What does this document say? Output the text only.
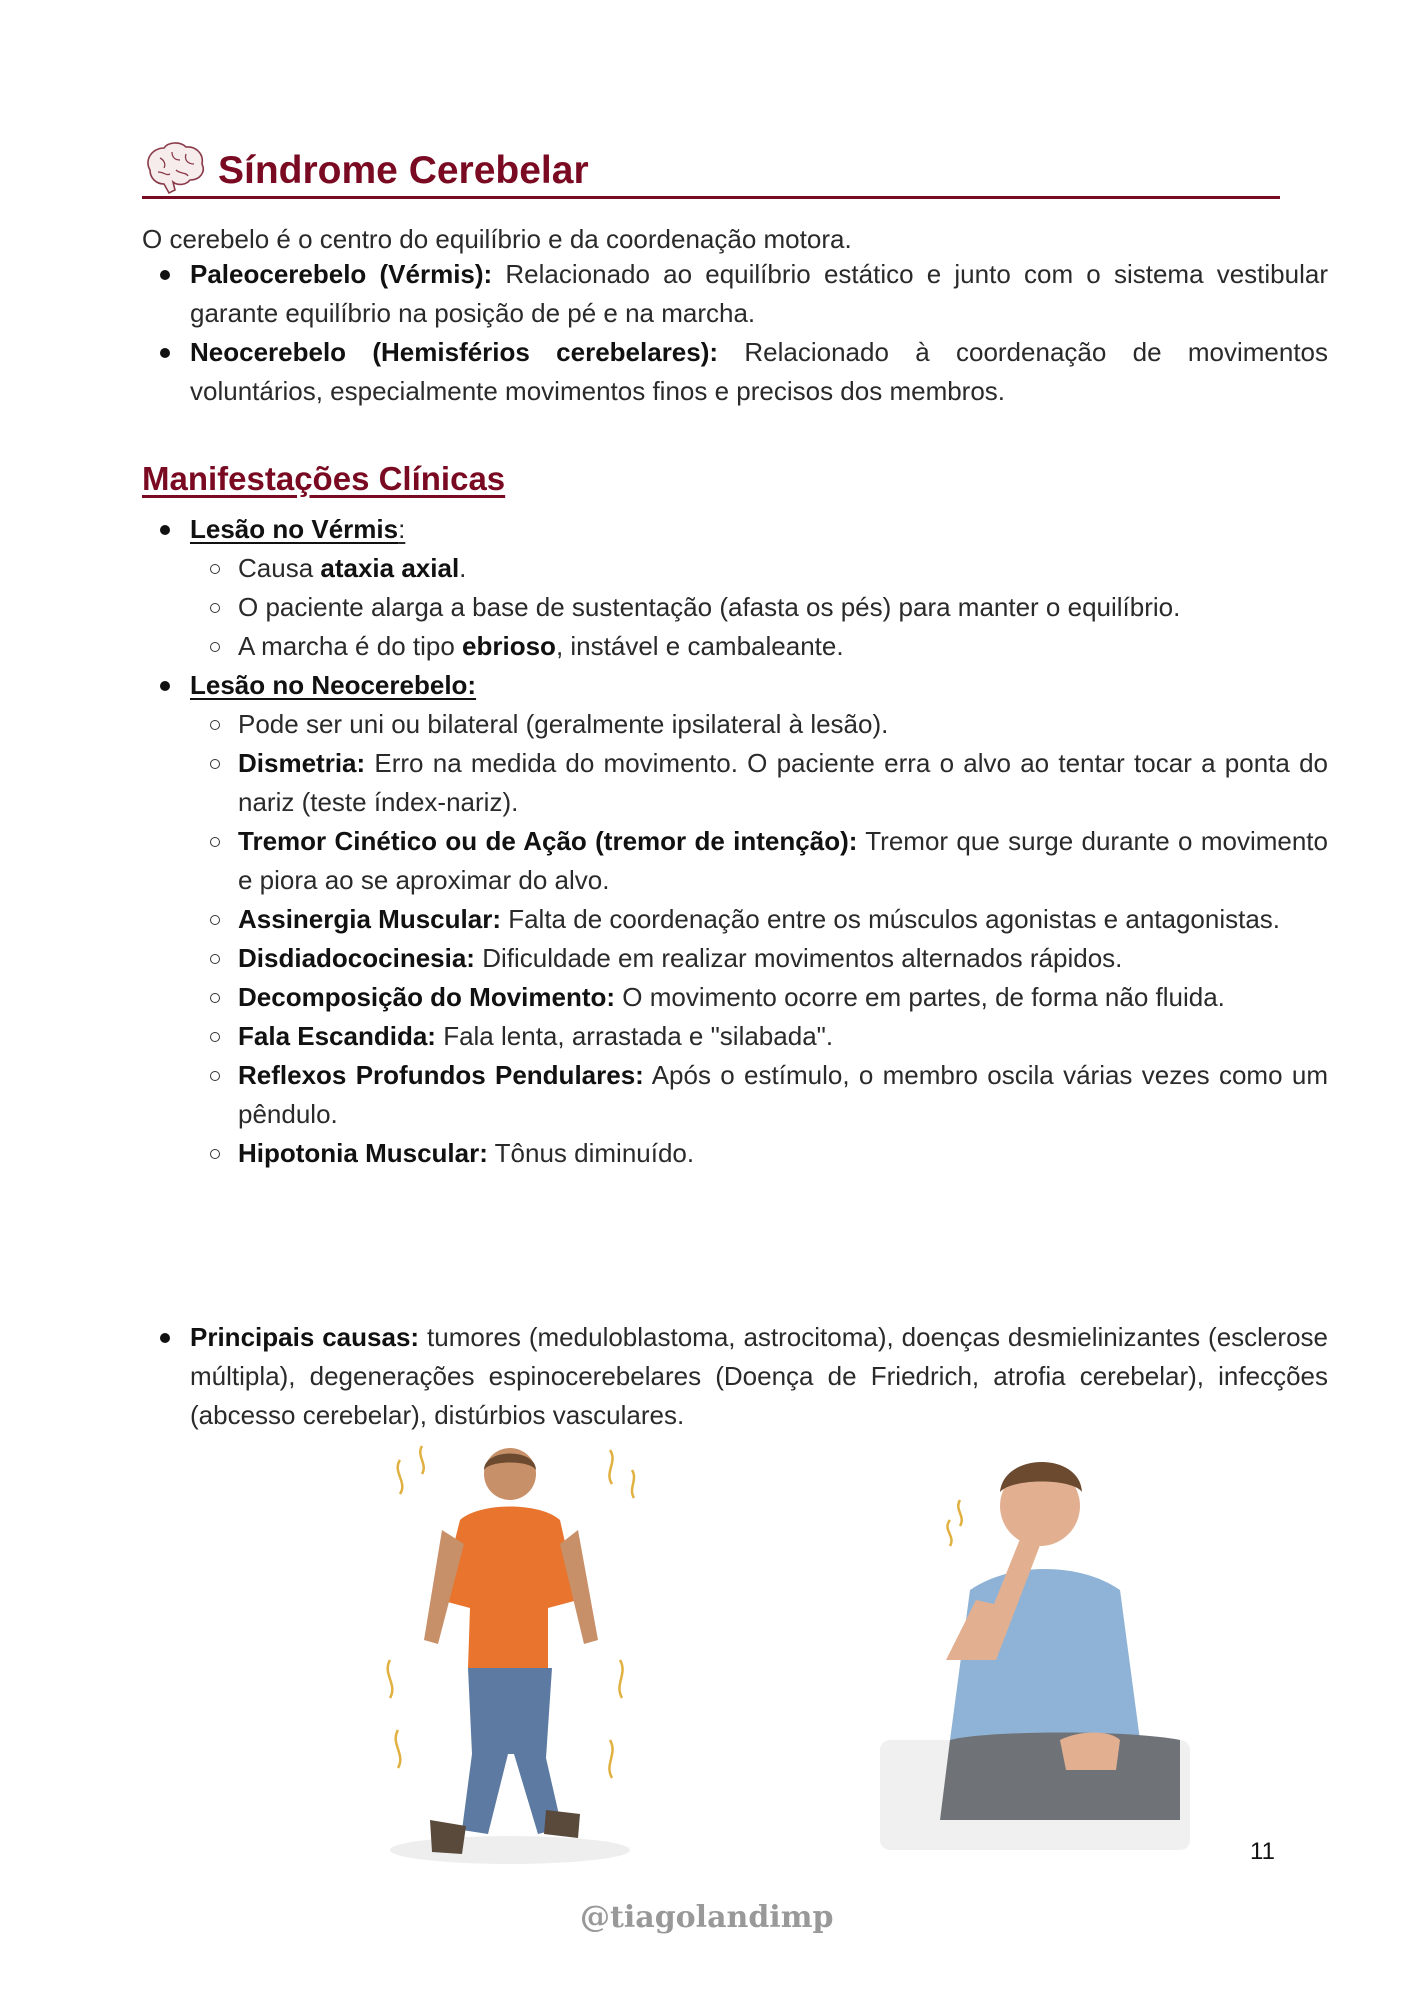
Síndrome Cerebelar
O cerebelo é o centro do equilíbrio e da coordenação motora.
Paleocerebelo (Vérmis): Relacionado ao equilíbrio estático e junto com o sistema vestibular garante equilíbrio na posição de pé e na marcha.
Neocerebelo (Hemisférios cerebelares): Relacionado à coordenação de movimentos voluntários, especialmente movimentos finos e precisos dos membros.
Manifestações Clínicas
Lesão no Vérmis:
Causa ataxia axial.
O paciente alarga a base de sustentação (afasta os pés) para manter o equilíbrio.
A marcha é do tipo ebrioso, instável e cambaleante.
Lesão no Neocerebelo:
Pode ser uni ou bilateral (geralmente ipsilateral à lesão).
Dismetria: Erro na medida do movimento. O paciente erra o alvo ao tentar tocar a ponta do nariz (teste índex-nariz).
Tremor Cinético ou de Ação (tremor de intenção): Tremor que surge durante o movimento e piora ao se aproximar do alvo.
Assinergia Muscular: Falta de coordenação entre os músculos agonistas e antagonistas.
Disdiadococinesia: Dificuldade em realizar movimentos alternados rápidos.
Decomposição do Movimento: O movimento ocorre em partes, de forma não fluida.
Fala Escandida: Fala lenta, arrastada e "silabada".
Reflexos Profundos Pendulares: Após o estímulo, o membro oscila várias vezes como um pêndulo.
Hipotonia Muscular: Tônus diminuído.
Principais causas: tumores (meduloblastoma, astrocitoma), doenças desmielinizantes (esclerose múltipla), degenerações espinocerebelares (Doença de Friedrich, atrofia cerebelar), infecções (abcesso cerebelar), distúrbios vasculares.
11
@tiagolandimp
